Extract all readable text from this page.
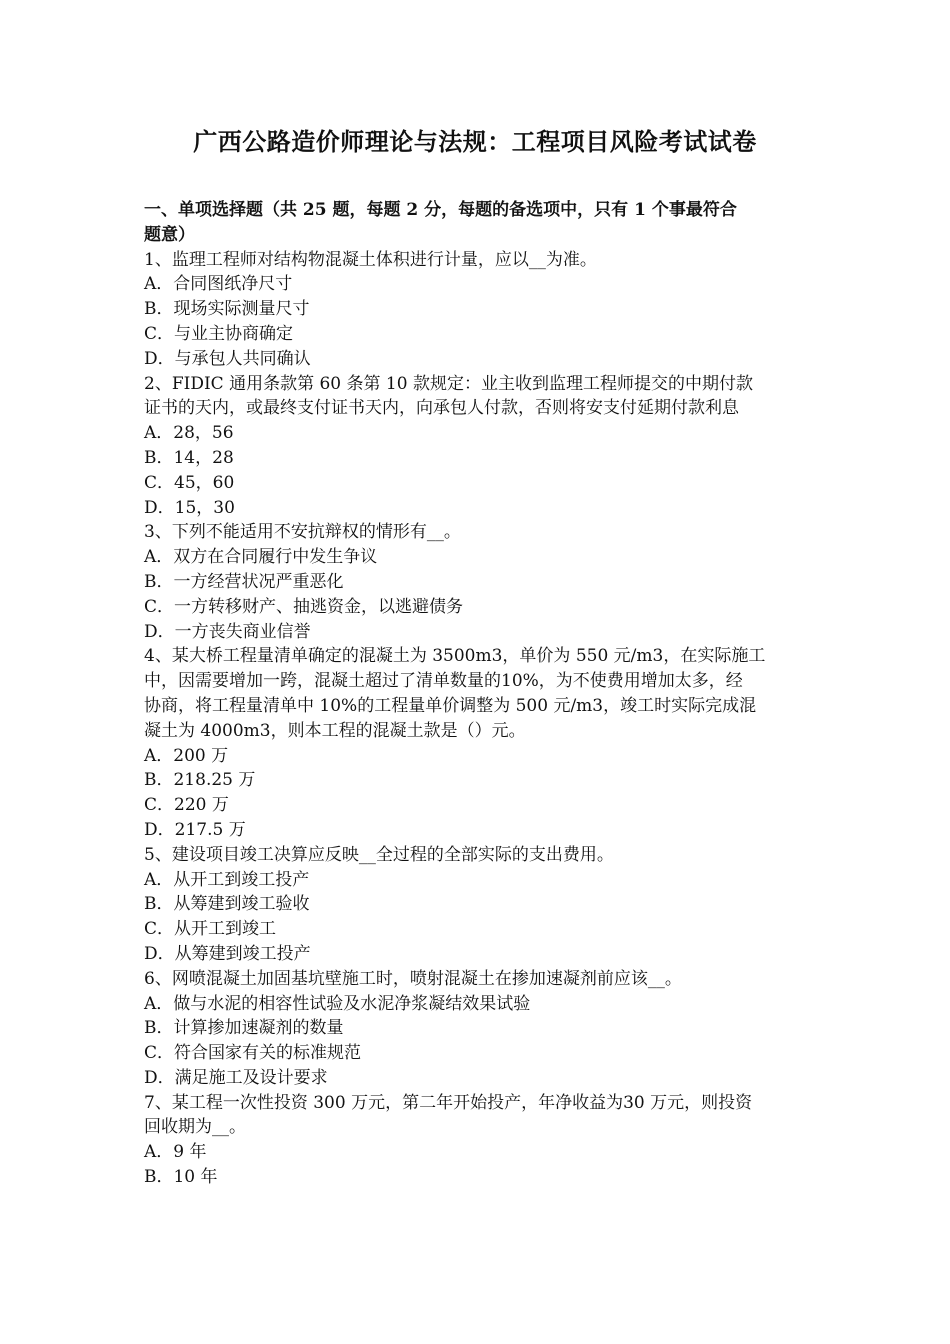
广西公路造价师理论与法规：工程项目风险考试试卷

一、单项选择题（共 25 题，每题 2 分，每题的备选项中，只有 1 个事最符合

题意）

1、监理工程师对结构物混凝土体积进行计量，应以__为准。

A．合同图纸净尺寸

B．现场实际测量尺寸

C．与业主协商确定

D．与承包人共同确认

2、FIDIC 通用条款第 60 条第 10 款规定：业主收到监理工程师提交的中期付款

证书的天内，或最终支付证书天内，向承包人付款，否则将安支付延期付款利息

A．28，56

B．14，28

C．45，60

D．15，30

3、下列不能适用不安抗辩权的情形有__。

A．双方在合同履行中发生争议

B．一方经营状况严重恶化

C．一方转移财产、抽逃资金，以逃避债务

D．一方丧失商业信誉

4、某大桥工程量清单确定的混凝土为 3500m3，单价为 550 元/m3，在实际施工

中，因需要增加一跨，混凝土超过了清单数量的10%，为不使费用增加太多，经

协商，将工程量清单中 10%的工程量单价调整为 500 元/m3，竣工时实际完成混

凝土为 4000m3，则本工程的混凝土款是（）元。

A．200 万

B．218.25 万

C．220 万

D．217.5 万

5、建设项目竣工决算应反映__全过程的全部实际的支出费用。

A．从开工到竣工投产

B．从筹建到竣工验收

C．从开工到竣工

D．从筹建到竣工投产

6、网喷混凝土加固基坑壁施工时，喷射混凝土在掺加速凝剂前应该__。

A．做与水泥的相容性试验及水泥净浆凝结效果试验

B．计算掺加速凝剂的数量

C．符合国家有关的标准规范

D．满足施工及设计要求

7、某工程一次性投资 300 万元，第二年开始投产，年净收益为30 万元，则投资

回收期为__。

A．9 年

B．10 年
